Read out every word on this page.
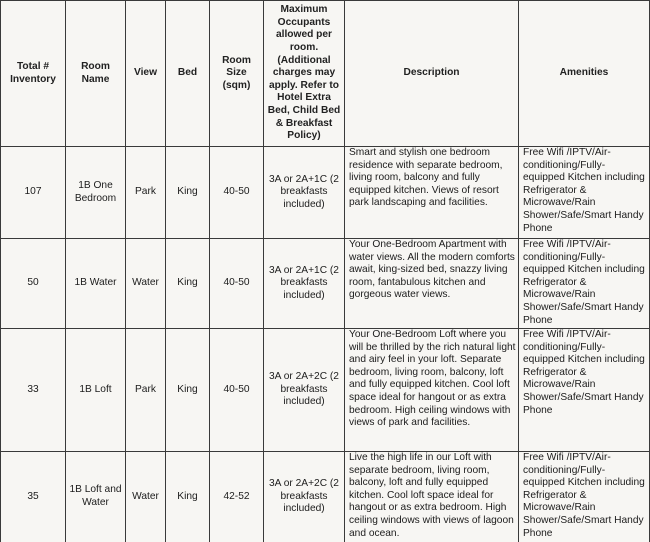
Total # Inventory	Room Name	View	Bed	Room Size (sqm)	Maximum Occupants allowed per room. (Additional charges may apply. Refer to Hotel Extra Bed, Child Bed & Breakfast Policy)	Description	Amenities
107	1B One Bedroom	Park	King	40-50	3A or 2A+1C (2 breakfasts included)	Smart and stylish one bedroom residence with separate bedroom, living room, balcony and fully equipped kitchen. Views of resort park landscaping and facilities.	Free Wifi /IPTV/Air-conditioning/Fully-equipped Kitchen including Refrigerator & Microwave/Rain Shower/Safe/Smart Handy Phone
50	1B Water	Water	King	40-50	3A or 2A+1C (2 breakfasts included)	Your One-Bedroom Apartment with water views. All the modern comforts await, king-sized bed, snazzy living room, fantabulous kitchen and gorgeous water views.	Free Wifi /IPTV/Air-conditioning/Fully-equipped Kitchen including Refrigerator & Microwave/Rain Shower/Safe/Smart Handy Phone
33	1B Loft	Park	King	40-50	3A or 2A+2C (2 breakfasts included)	Your One-Bedroom Loft where you will be thrilled by the rich natural light and airy feel in your loft. Separate bedroom, living room, balcony, loft and fully equipped kitchen. Cool loft space ideal for hangout or as extra bedroom. High ceiling windows with views of park and facilities.	Free Wifi /IPTV/Air-conditioning/Fully-equipped Kitchen including Refrigerator & Microwave/Rain Shower/Safe/Smart Handy Phone
35	1B Loft and Water	Water	King	42-52	3A or 2A+2C (2 breakfasts included)	Live the high life in our Loft with separate bedroom, living room, balcony, loft and fully equipped kitchen. Cool loft space ideal for hangout or as extra bedroom. High ceiling windows with views of lagoon and ocean.	Free Wifi /IPTV/Air-conditioning/Fully-equipped Kitchen including Refrigerator & Microwave/Rain Shower/Safe/Smart Handy Phone
